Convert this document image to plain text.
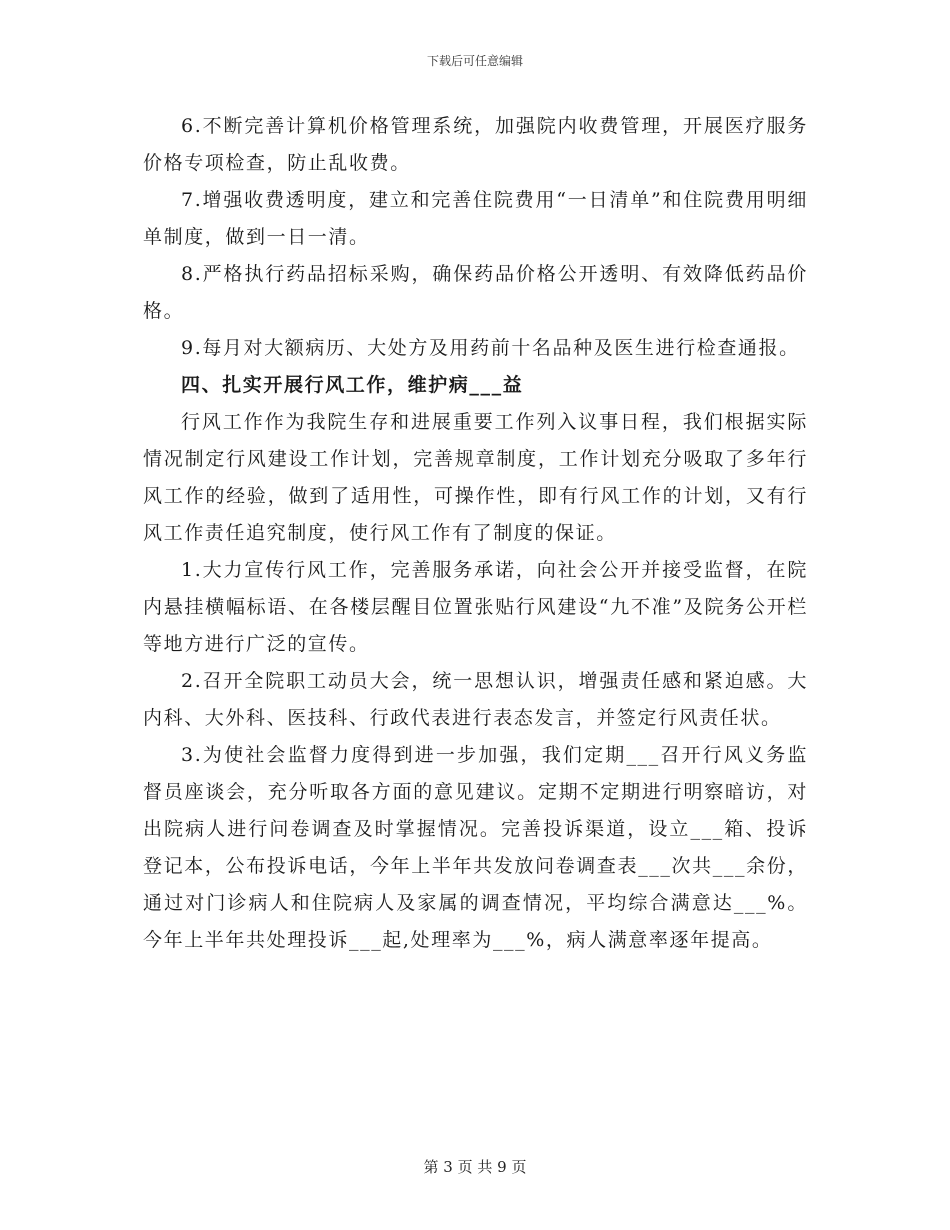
下载后可任意编辑

6.不断完善计算机价格管理系统，加强院内收费管理，开展医疗服务价格专项检查，防止乱收费。

7.增强收费透明度，建立和完善住院费用“一日清单”和住院费用明细单制度，做到一日一清。

8.严格执行药品招标采购，确保药品价格公开透明、有效降低药品价格。

9.每月对大额病历、大处方及用药前十名品种及医生进行检查通报。

四、扎实开展行风工作，维护病___益

行风工作作为我院生存和进展重要工作列入议事日程，我们根据实际情况制定行风建设工作计划，完善规章制度，工作计划充分吸取了多年行风工作的经验，做到了适用性，可操作性，即有行风工作的计划，又有行风工作责任追究制度，使行风工作有了制度的保证。

1.大力宣传行风工作，完善服务承诺，向社会公开并接受监督，在院内悬挂横幅标语、在各楼层醒目位置张贴行风建设“九不准”及院务公开栏等地方进行广泛的宣传。

2.召开全院职工动员大会，统一思想认识，增强责任感和紧迫感。大内科、大外科、医技科、行政代表进行表态发言，并签定行风责任状。

3.为使社会监督力度得到进一步加强，我们定期___召开行风义务监督员座谈会，充分听取各方面的意见建议。定期不定期进行明察暗访，对出院病人进行问卷调查及时掌握情况。完善投诉渠道，设立___箱、投诉登记本，公布投诉电话，今年上半年共发放问卷调查表___次共___余份，通过对门诊病人和住院病人及家属的调查情况，平均综合满意达___%。今年上半年共处理投诉___起,处理率为___%，病人满意率逐年提高。

第 3 页 共 9 页
